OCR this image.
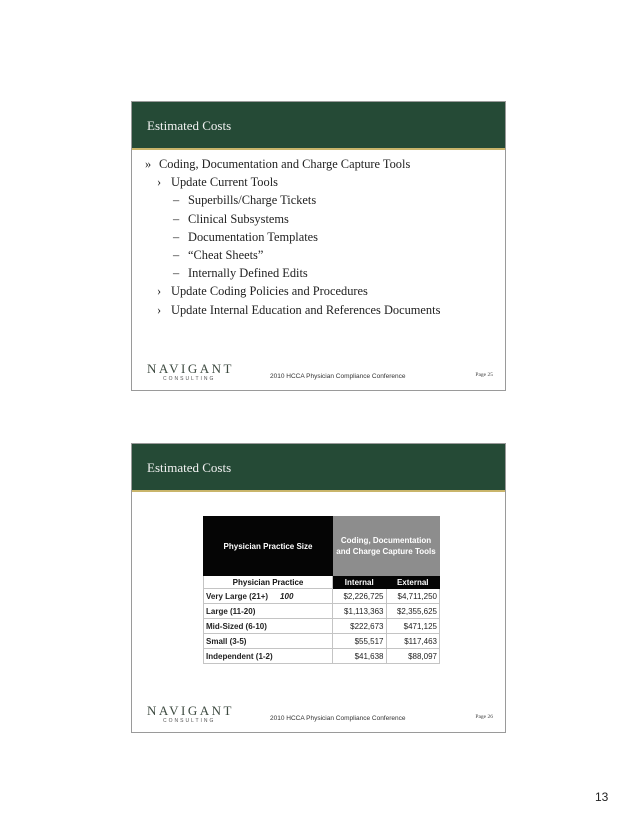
Estimated Costs
» Coding, Documentation and Charge Capture Tools
› Update Current Tools
– Superbills/Charge Tickets
– Clinical Subsystems
– Documentation Templates
– “Cheat Sheets”
– Internally Defined Edits
› Update Coding Policies and Procedures
› Update Internal Education and References Documents
NAVIGANT
CONSULTING	2010 HCCA Physician Compliance Conference	Page 25
Estimated Costs
Physician Practice Size	Coding, Documentation and Charge Capture Tools	
Physician Practice	Internal	External
Very Large (21+) 100	$2,226,725	$4,711,250
Large (11-20)	$1,113,363	$2,355,625
Mid-Sized (6-10)	$222,673	$471,125
Small (3-5)	$55,517	$117,463
Independent (1-2)	$41,638	$88,097
NAVIGANT
CONSULTING	2010 HCCA Physician Compliance Conference	Page 26
13
